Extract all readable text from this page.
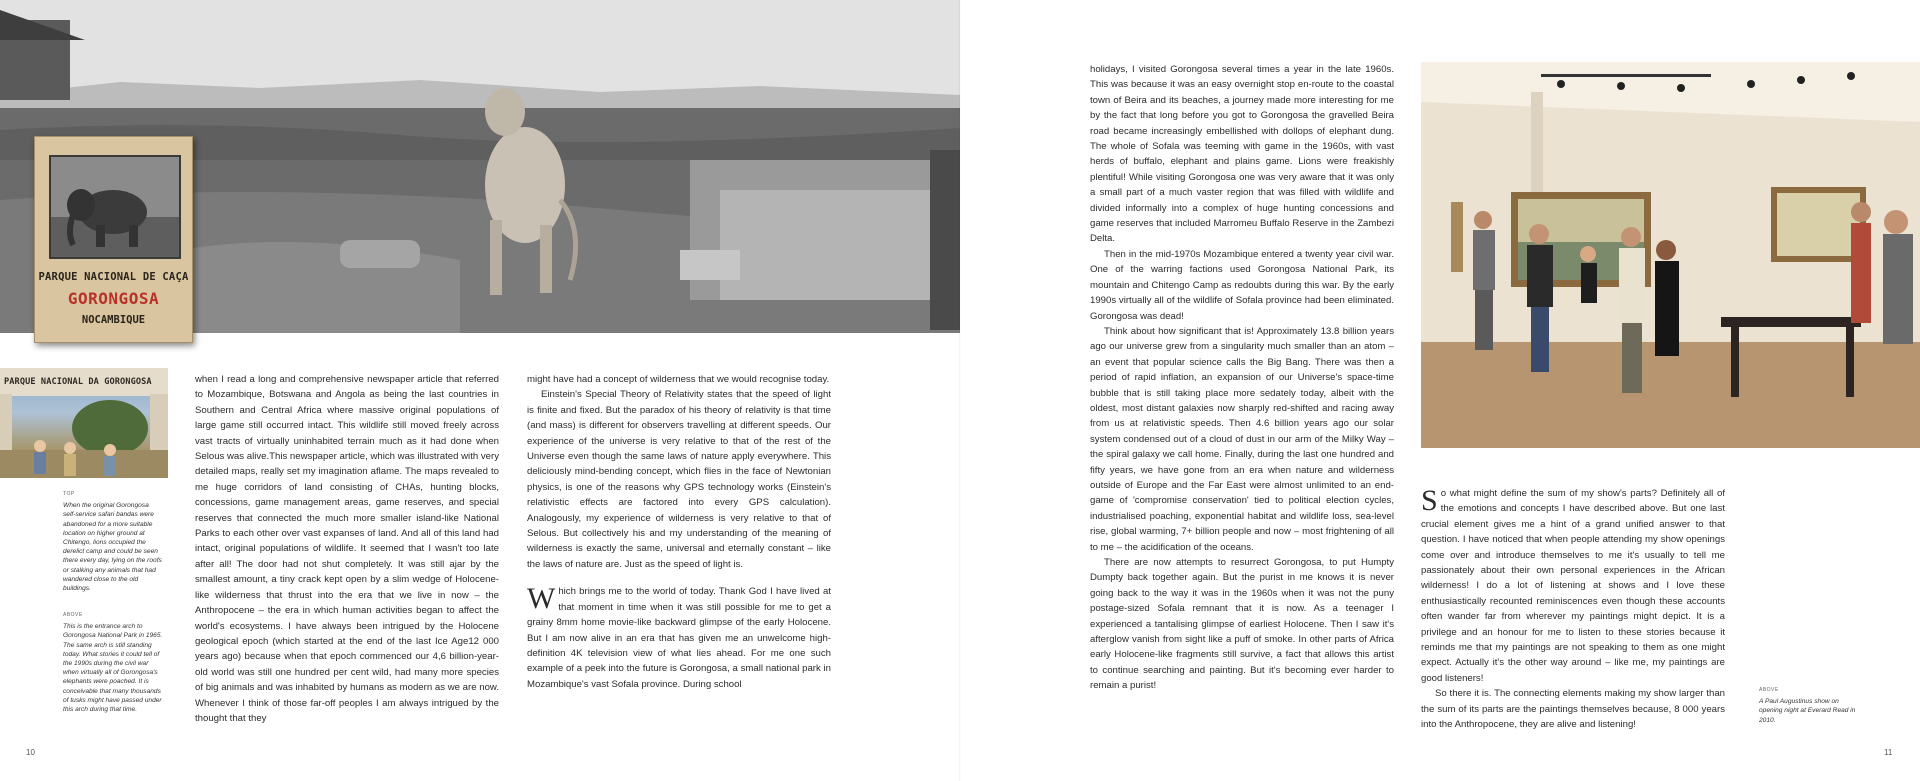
PARQUE NACIONAL DE CAÇA
GORONGOSA
NOCAMBIQUE
PARQUE NACIONAL DA GORONGOSA
TOP
When the original Gorongosa self-service safari bandas were abandoned for a more suitable location on higher ground at Chitengo, lions occupied the derelict camp and could be seen there every day, lying on the roofs or stalking any animals that had wandered close to the old buildings.
ABOVE
This is the entrance arch to Gorongosa National Park in 1965. The same arch is still standing today. What stories it could tell of the 1990s during the civil war when virtually all of Gorongosa's elephants were poached. It is conceivable that many thousands of tusks might have passed under this arch during that time.

when I read a long and comprehensive newspaper article that referred to Mozambique, Botswana and Angola as being the last countries in Southern and Central Africa where massive original populations of large game still occurred intact. This wildlife still moved freely across vast tracts of virtually uninhabited terrain much as it had done when Selous was alive.This newspaper article, which was illustrated with very detailed maps, really set my imagination aflame. The maps revealed to me huge corridors of land consisting of CHAs, hunting blocks, concessions, game management areas, game reserves, and special reserves that connected the much more smaller island-like National Parks to each other over vast expanses of land. And all of this land had intact, original populations of wildlife. It seemed that I wasn't too late after all! The door had not shut completely. It was still ajar by the smallest amount, a tiny crack kept open by a slim wedge of Holocene-like wilderness that thrust into the era that we live in now – the Anthropocene – the era in which human activities began to affect the world's ecosystems. I have always been intrigued by the Holocene geological epoch (which started at the end of the last Ice Age12 000 years ago) because when that epoch commenced our 4,6 billion-year-old world was still one hundred per cent wild, had many more species of big animals and was inhabited by humans as modern as we are now. Whenever I think of those far-off peoples I am always intrigued by the thought that they

might have had a concept of wilderness that we would recognise today.

Einstein's Special Theory of Relativity states that the speed of light is finite and fixed. But the paradox of his theory of relativity is that time (and mass) is different for observers travelling at different speeds. Our experience of the universe is very relative to that of the rest of the Universe even though the same laws of nature apply everywhere. This deliciously mind-bending concept, which flies in the face of Newtonian physics, is one of the reasons why GPS technology works (Einstein's relativistic effects are factored into every GPS calculation). Analogously, my experience of wilderness is very relative to that of Selous. But collectively his and my understanding of the meaning of wilderness is exactly the same, universal and eternally constant – like the laws of nature are. Just as the speed of light is.

Which brings me to the world of today. Thank God I have lived at that moment in time when it was still possible for me to get a grainy 8mm home movie-like backward glimpse of the early Holocene. But I am now alive in an era that has given me an unwelcome high-definition 4K television view of what lies ahead. For me one such example of a peek into the future is Gorongosa, a small national park in Mozambique's vast Sofala province. During school

10

holidays, I visited Gorongosa several times a year in the late 1960s. This was because it was an easy overnight stop en-route to the coastal town of Beira and its beaches, a journey made more interesting for me by the fact that long before you got to Gorongosa the gravelled Beira road became increasingly embellished with dollops of elephant dung. The whole of Sofala was teeming with game in the 1960s, with vast herds of buffalo, elephant and plains game. Lions were freakishly plentiful! While visiting Gorongosa one was very aware that it was only a small part of a much vaster region that was filled with wildlife and divided informally into a complex of huge hunting concessions and game reserves that included Marromeu Buffalo Reserve in the Zambezi Delta.

Then in the mid-1970s Mozambique entered a twenty year civil war. One of the warring factions used Gorongosa National Park, its mountain and Chitengo Camp as redoubts during this war. By the early 1990s virtually all of the wildlife of Sofala province had been eliminated. Gorongosa was dead!

Think about how significant that is! Approximately 13.8 billion years ago our universe grew from a singularity much smaller than an atom – an event that popular science calls the Big Bang. There was then a period of rapid inflation, an expansion of our Universe's space-time bubble that is still taking place more sedately today, albeit with the oldest, most distant galaxies now sharply red-shifted and racing away from us at relativistic speeds. Then 4.6 billion years ago our solar system condensed out of a cloud of dust in our arm of the Milky Way – the spiral galaxy we call home. Finally, during the last one hundred and fifty years, we have gone from an era when nature and wilderness outside of Europe and the Far East were almost unlimited to an end-game of 'compromise conservation' tied to political election cycles, industrialised poaching, exponential habitat and wildlife loss, sea-level rise, global warming, 7+ billion people and now – most frightening of all to me – the acidification of the oceans.

There are now attempts to resurrect Gorongosa, to put Humpty Dumpty back together again. But the purist in me knows it is never going back to the way it was in the 1960s when it was not the puny postage-sized Sofala remnant that it is now. As a teenager I experienced a tantalising glimpse of earliest Holocene. Then I saw it's afterglow vanish from sight like a puff of smoke. In other parts of Africa early Holocene-like fragments still survive, a fact that allows this artist to continue searching and painting. But it's becoming ever harder to remain a purist!

So what might define the sum of my show's parts? Definitely all of the emotions and concepts I have described above. But one last crucial element gives me a hint of a grand unified answer to that question. I have noticed that when people attending my show openings come over and introduce themselves to me it's usually to tell me passionately about their own personal experiences in the African wilderness! I do a lot of listening at shows and I love these enthusiastically recounted reminiscences even though these accounts often wander far from wherever my paintings might depict. It is a privilege and an honour for me to listen to these stories because it reminds me that my paintings are not speaking to them as one might expect. Actually it's the other way around – like me, my paintings are good listeners!

So there it is. The connecting elements making my show larger than the sum of its parts are the paintings themselves because, 8 000 years into the Anthropocene, they are alive and listening!

ABOVE
A Paul Augustinus show on opening night at Everard Read in 2010.
11
